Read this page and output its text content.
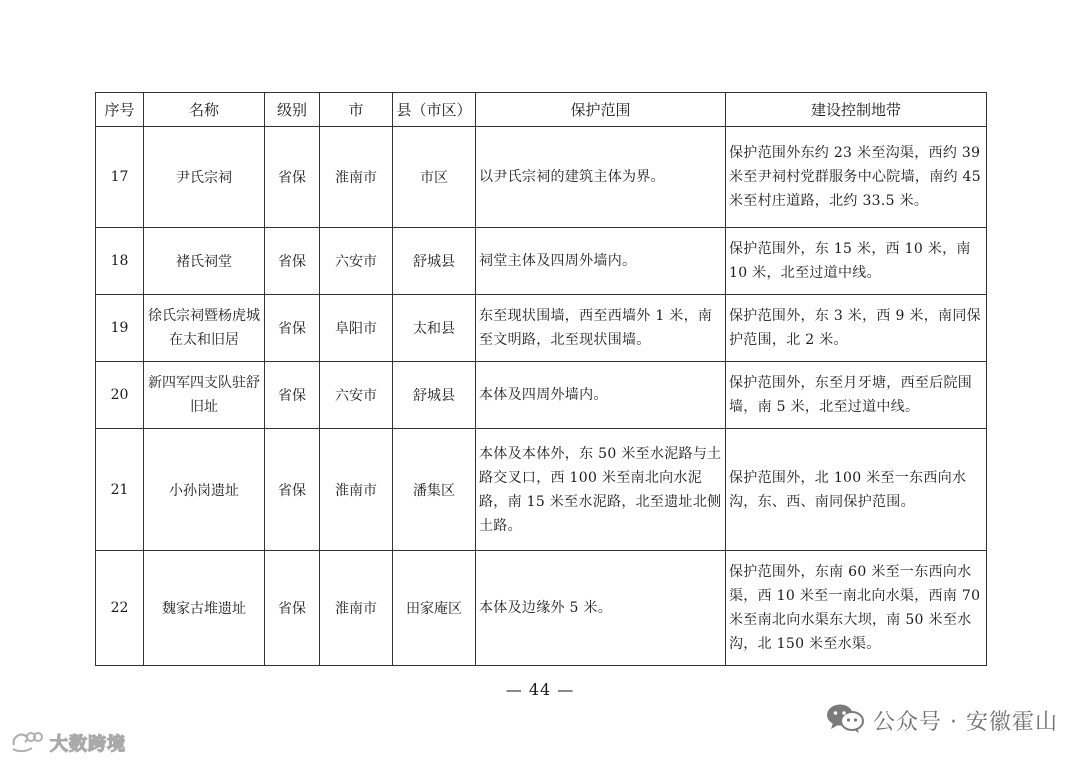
序号	名称	级别	市	县（市区）	保护范围	建设控制地带
17	尹氏宗祠	省保	淮南市	市区	以尹氏宗祠的建筑主体为界。	保护范围外东约 23 米至沟渠，西约 39 米至尹祠村党群服务中心院墙，南约 45 米至村庄道路，北约 33.5 米。
18	褚氏祠堂	省保	六安市	舒城县	祠堂主体及四周外墙内。	保护范围外，东 15 米，西 10 米，南 10 米，北至过道中线。
19	徐氏宗祠暨杨虎城在太和旧居	省保	阜阳市	太和县	东至现状围墙，西至西墙外 1 米，南至文明路，北至现状围墙。	保护范围外，东 3 米，西 9 米，南同保护范围，北 2 米。
20	新四军四支队驻舒旧址	省保	六安市	舒城县	本体及四周外墙内。	保护范围外，东至月牙塘，西至后院围墙，南 5 米，北至过道中线。
21	小孙岗遗址	省保	淮南市	潘集区	本体及本体外，东 50 米至水泥路与土路交叉口，西 100 米至南北向水泥路，南 15 米至水泥路，北至遗址北侧土路。	保护范围外，北 100 米至一东西向水沟，东、西、南同保护范围。
22	魏家古堆遗址	省保	淮南市	田家庵区	本体及边缘外 5 米。	保护范围外，东南 60 米至一东西向水渠，西 10 米至一南北向水渠，西南 70 米至南北向水渠东大坝，南 50 米至水沟，北 150 米至水渠。
— 44 —
大数跨境
公众号 · 安徽霍山
